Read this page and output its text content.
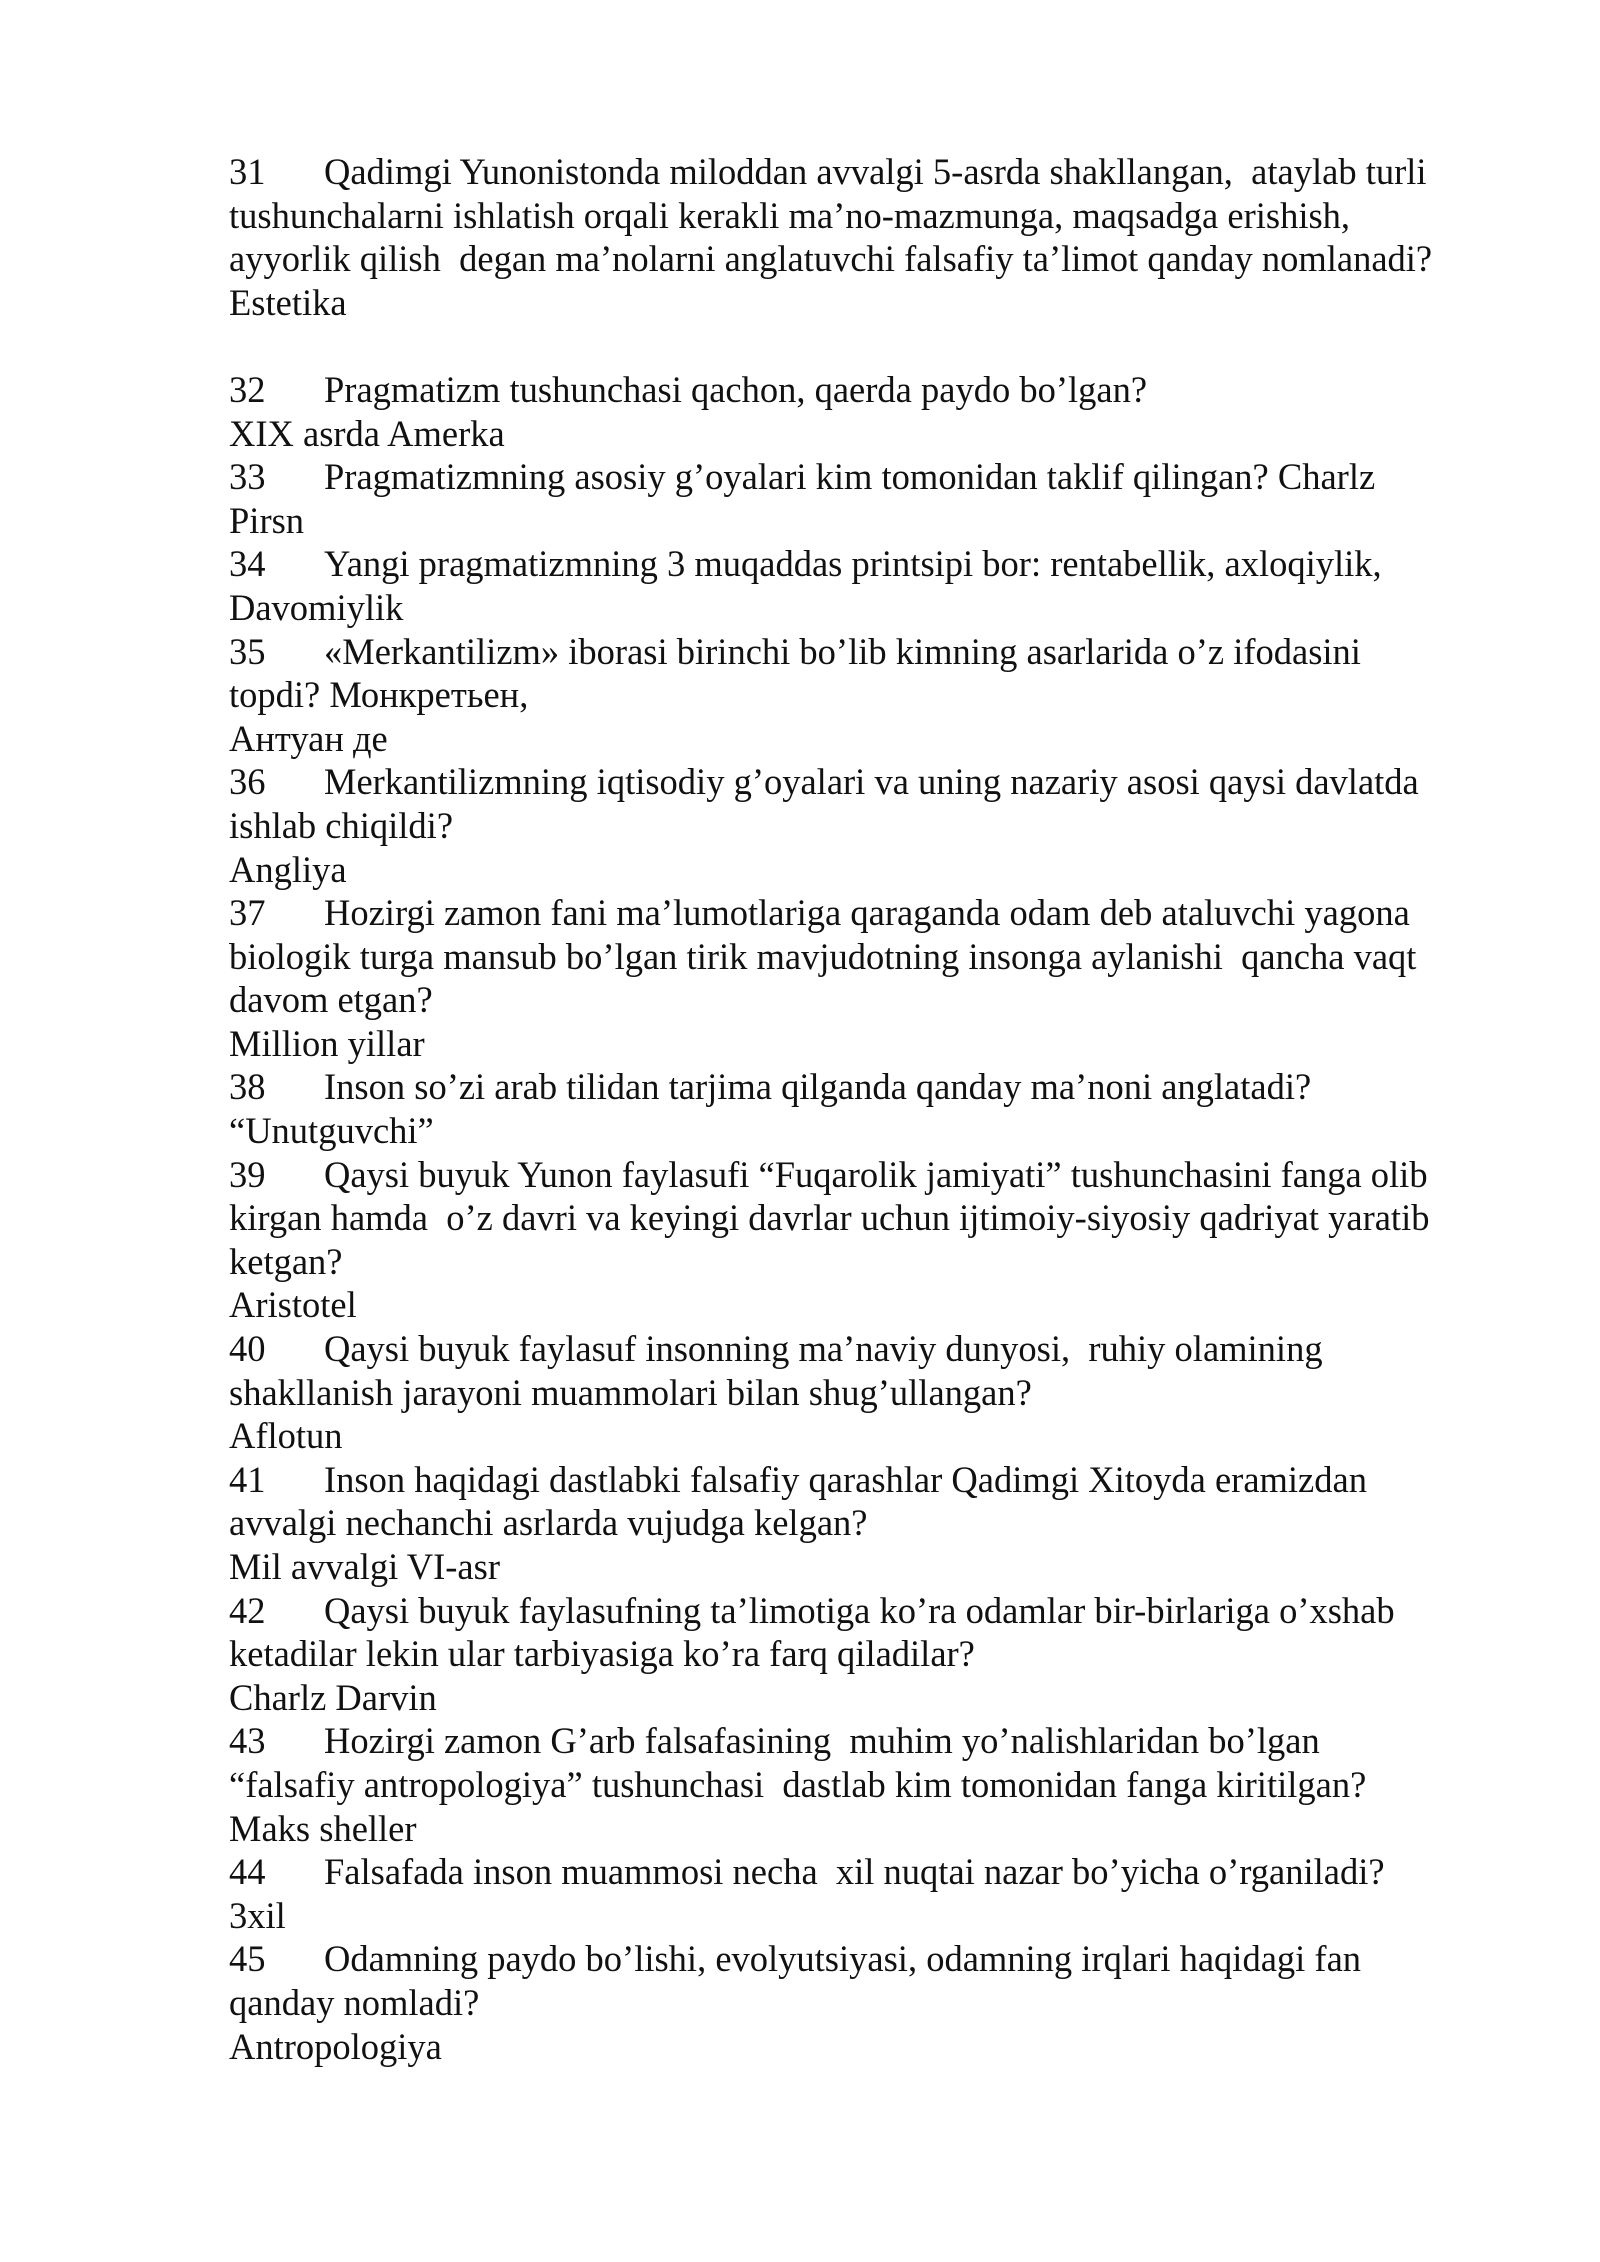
31 Qadimgi Yunonistonda miloddan avvalgi 5-asrda shakllangan,  ataylab turli
tushunchalarni ishlatish orqali kerakli ma’no-mazmunga, maqsadga erishish,
ayyorlik qilish  degan ma’nolarni anglatuvchi falsafiy ta’limot qanday nomlanadi?
Estetika
32 Pragmatizm tushunchasi qachon, qaerda paydo bo’lgan?
XIX asrda Amerka
33 Pragmatizmning asosiy g’oyalari kim tomonidan taklif qilingan? Charlz
Pirsn
34 Yangi pragmatizmning 3 muqaddas printsipi bor: rentabellik, axloqiylik,
Davomiylik
35 «Merkantilizm» iborasi birinchi bo’lib kimning asarlarida o’z ifodasini
topdi? Монкретьен,
Антуан де
36 Merkantilizmning iqtisodiy g’oyalari va uning nazariy asosi qaysi davlatda
ishlab chiqildi?
Angliya
37 Hozirgi zamon fani ma’lumotlariga qaraganda odam deb ataluvchi yagona
biologik turga mansub bo’lgan tirik mavjudotning insonga aylanishi  qancha vaqt
davom etgan?
Million yillar
38 Inson so’zi arab tilidan tarjima qilganda qanday ma’noni anglatadi?
“Unutguvchi”
39 Qaysi buyuk Yunon faylasufi “Fuqarolik jamiyati” tushunchasini fanga olib
kirgan hamda  o’z davri va keyingi davrlar uchun ijtimoiy-siyosiy qadriyat yaratib
ketgan?
Aristotel
40 Qaysi buyuk faylasuf insonning ma’naviy dunyosi,  ruhiy olamining
shakllanish jarayoni muammolari bilan shug’ullangan?
Aflotun
41 Inson haqidagi dastlabki falsafiy qarashlar Qadimgi Xitoyda eramizdan
avvalgi nechanchi asrlarda vujudga kelgan?
Mil avvalgi VI-asr
42 Qaysi buyuk faylasufning ta’limotiga ko’ra odamlar bir-birlariga o’xshab
ketadilar lekin ular tarbiyasiga ko’ra farq qiladilar?
Charlz Darvin
43 Hozirgi zamon G’arb falsafasining  muhim yo’nalishlaridan bo’lgan
“falsafiy antropologiya” tushunchasi  dastlab kim tomonidan fanga kiritilgan?
Maks sheller
44 Falsafada inson muammosi necha  xil nuqtai nazar bo’yicha o’rganiladi?
3xil
45 Odamning paydo bo’lishi, evolyutsiyasi, odamning irqlari haqidagi fan
qanday nomladi?
Antropologiya
